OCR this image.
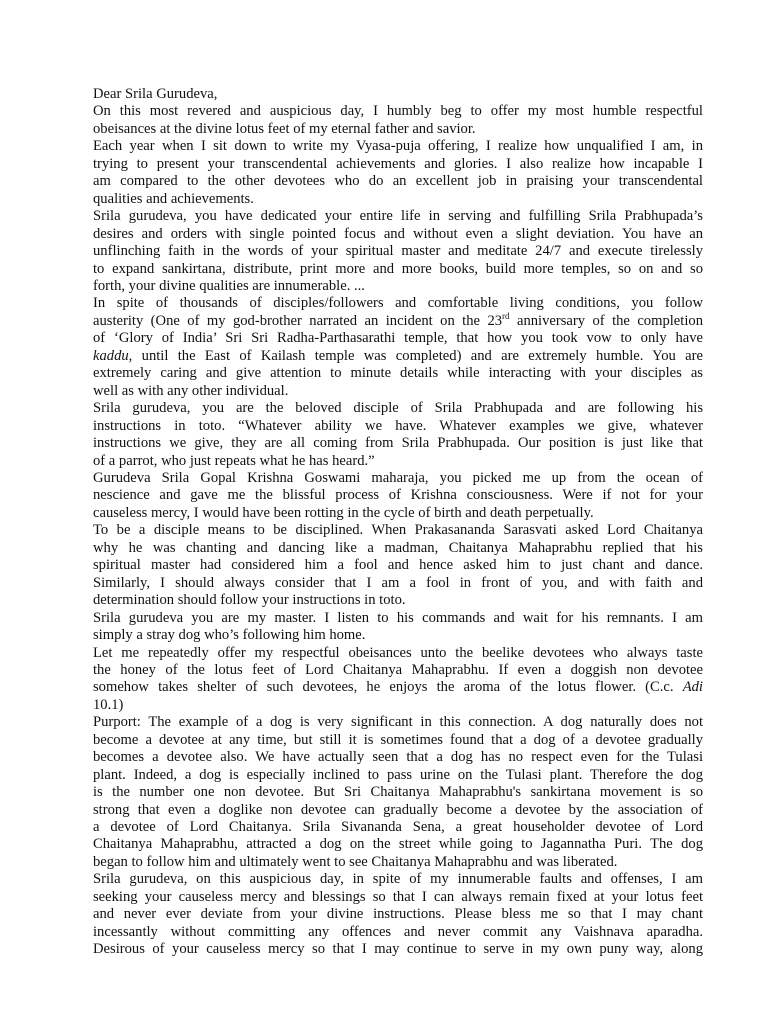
Dear Srila Gurudeva,
On this most revered and auspicious day, I humbly beg to offer my most humble respectful
obeisances at the divine lotus feet of my eternal father and savior.
Each year when I sit down to write my Vyasa-puja offering, I realize how unqualified I am, in
trying to present your transcendental achievements and glories. I also realize how incapable I
am compared to the other devotees who do an excellent job in praising your transcendental
qualities and achievements.
Srila gurudeva, you have dedicated your entire life in serving and fulfilling Srila Prabhupada’s
desires and orders with single pointed focus and without even a slight deviation. You have an
unflinching faith in the words of your spiritual master and meditate 24/7 and execute tirelessly
to expand sankirtana, distribute, print more and more books, build more temples, so on and so
forth, your divine qualities are innumerable. ...
In spite of thousands of disciples/followers and comfortable living conditions, you follow
austerity (One of my god-brother narrated an incident on the 23rd anniversary of the completion
of ‘Glory of India’ Sri Sri Radha-Parthasarathi temple, that how you took vow to only have
kaddu, until the East of Kailash temple was completed) and are extremely humble. You are
extremely caring and give attention to minute details while interacting with your disciples as
well as with any other individual.
Srila gurudeva, you are the beloved disciple of Srila Prabhupada and are following his
instructions in toto. “Whatever ability we have. Whatever examples we give, whatever
instructions we give, they are all coming from Srila Prabhupada. Our position is just like that
of a parrot, who just repeats what he has heard.”
Gurudeva Srila Gopal Krishna Goswami maharaja, you picked me up from the ocean of
nescience and gave me the blissful process of Krishna consciousness. Were if not for your
causeless mercy, I would have been rotting in the cycle of birth and death perpetually.
To be a disciple means to be disciplined. When Prakasananda Sarasvati asked Lord Chaitanya
why he was chanting and dancing like a madman, Chaitanya Mahaprabhu replied that his
spiritual master had considered him a fool and hence asked him to just chant and dance.
Similarly, I should always consider that I am a fool in front of you, and with faith and
determination should follow your instructions in toto.
Srila gurudeva you are my master. I listen to his commands and wait for his remnants. I am
simply a stray dog who’s following him home.
Let me repeatedly offer my respectful obeisances unto the beelike devotees who always taste
the honey of the lotus feet of Lord Chaitanya Mahaprabhu. If even a doggish non devotee
somehow takes shelter of such devotees, he enjoys the aroma of the lotus flower. (C.c. Adi
10.1)
Purport: The example of a dog is very significant in this connection. A dog naturally does not
become a devotee at any time, but still it is sometimes found that a dog of a devotee gradually
becomes a devotee also. We have actually seen that a dog has no respect even for the Tulasi
plant. Indeed, a dog is especially inclined to pass urine on the Tulasi plant. Therefore the dog
is the number one non devotee. But Sri Chaitanya Mahaprabhu's sankirtana movement is so
strong that even a doglike non devotee can gradually become a devotee by the association of
a devotee of Lord Chaitanya. Srila Sivananda Sena, a great householder devotee of Lord
Chaitanya Mahaprabhu, attracted a dog on the street while going to Jagannatha Puri. The dog
began to follow him and ultimately went to see Chaitanya Mahaprabhu and was liberated.
Srila gurudeva, on this auspicious day, in spite of my innumerable faults and offenses, I am
seeking your causeless mercy and blessings so that I can always remain fixed at your lotus feet
and never ever deviate from your divine instructions. Please bless me so that I may chant
incessantly without committing any offences and never commit any Vaishnava aparadha.
Desirous of your causeless mercy so that I may continue to serve in my own puny way, along
